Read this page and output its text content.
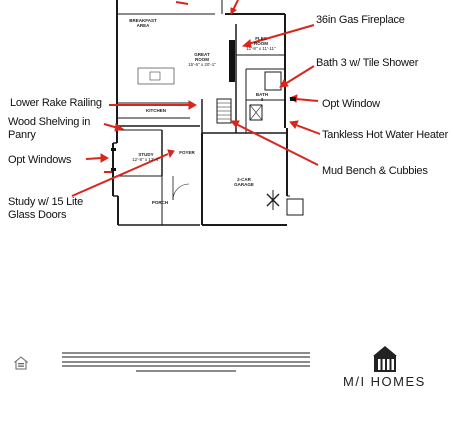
BREAKFAST
AREA
GREAT
ROOM
15'-6" x 20'-1"
FLEX
ROOM
11'-8" x 11'-11"
KITCHEN
BATH
3
STUDY
12'-8" x 12'-4"
FOYER
2-CAR
GARAGE
PORCH
36in Gas Fireplace
Bath 3 w/ Tile Shower
Lower Rake Railing
Wood Shelving in Panry
Opt Window
Tankless Hot Water Heater
Opt Windows
Mud Bench & Cubbies
Study w/ 15 Lite Glass Doors
M/I HOMES
